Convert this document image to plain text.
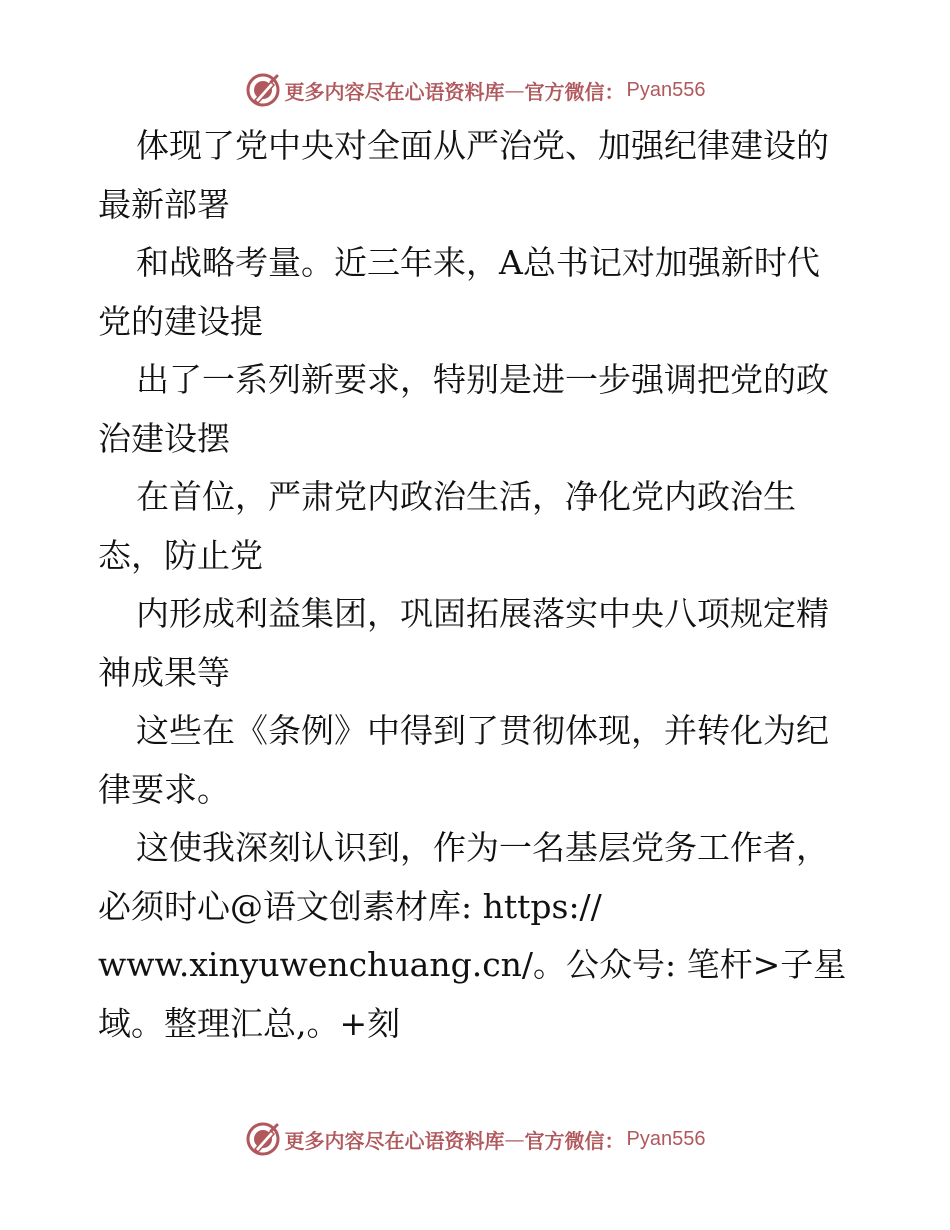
更多内容尽在心语资料库 — 官方微信： Pyan556
体现了党中央对全面从严治党、加强纪律建设的
最新部署
和战略考量。近三年来，A总书记对加强新时代
党的建设提
出了一系列新要求，特别是进一步强调把党的政
治建设摆
在首位，严肃党内政治生活，净化党内政治生
态，防止党
内形成利益集团，巩固拓展落实中央八项规定精
神成果等
这些在《条例》中得到了贯彻体现，并转化为纪
律要求。
这使我深刻认识到，作为一名基层党务工作者，
必须时心@语文创素材库: https://
www.xinyuwenchuang.cn/。公众号: 笔杆>子星
域。整理汇总,。+刻
更多内容尽在心语资料库 — 官方微信： Pyan556
